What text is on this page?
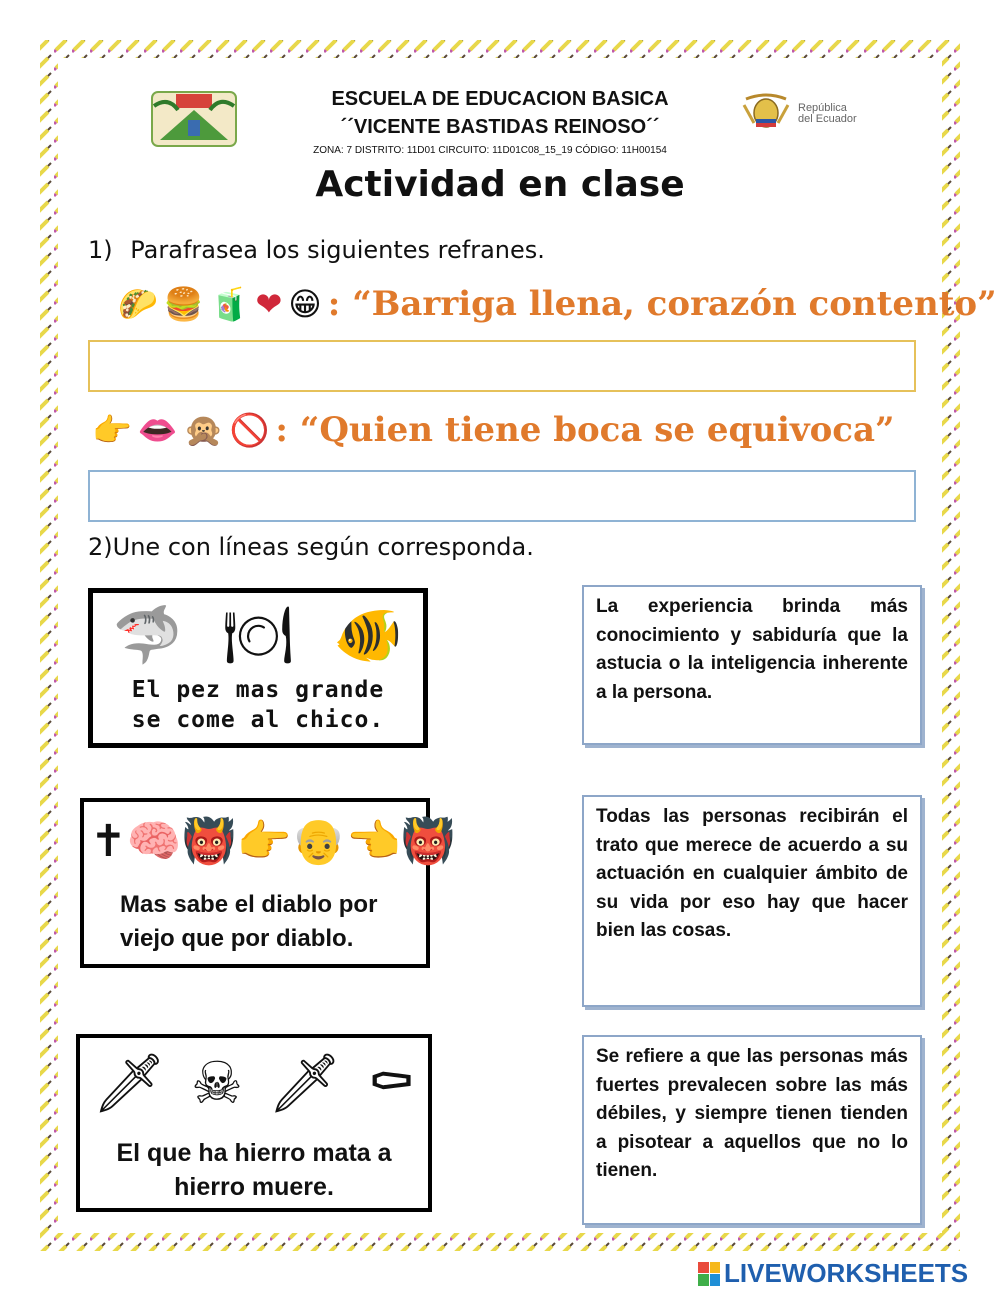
ESCUELA DE EDUCACION BASICA
´´VICENTE BASTIDAS REINOSO´´
ZONA: 7 DISTRITO: 11D01 CIRCUITO: 11D01C08_15_19 CÓDIGO: 11H00154
República
del Ecuador
Actividad en clase
1) Parafrasea los siguientes refranes.
🌮 🍔 🧃 ❤ 😁 : “Barriga llena, corazón contento”
👉 👄 🙊 🚫 : “Quien tiene boca se equivoca”
2)Une con líneas según corresponda.
🦈 🍽 🐠
El pez mas grande
se come al chico.
✝ 🧠 👹 👉 👴 👈 👹
Mas sabe el diablo por
viejo que por diablo.
🗡 ☠ 🗡 ⚰
El que ha hierro mata a
hierro muere.
La experiencia brinda más conocimiento y sabiduría que la astucia o la inteligencia inherente a la persona.
Todas las personas recibirán el trato que merece de acuerdo a su actuación en cualquier ámbito de su vida por eso hay que hacer bien las cosas.
Se refiere a que las personas más fuertes prevalecen sobre las más débiles, y siempre tienen tienden a pisotear a aquellos que no lo tienen.
LIVEWORKSHEETS
